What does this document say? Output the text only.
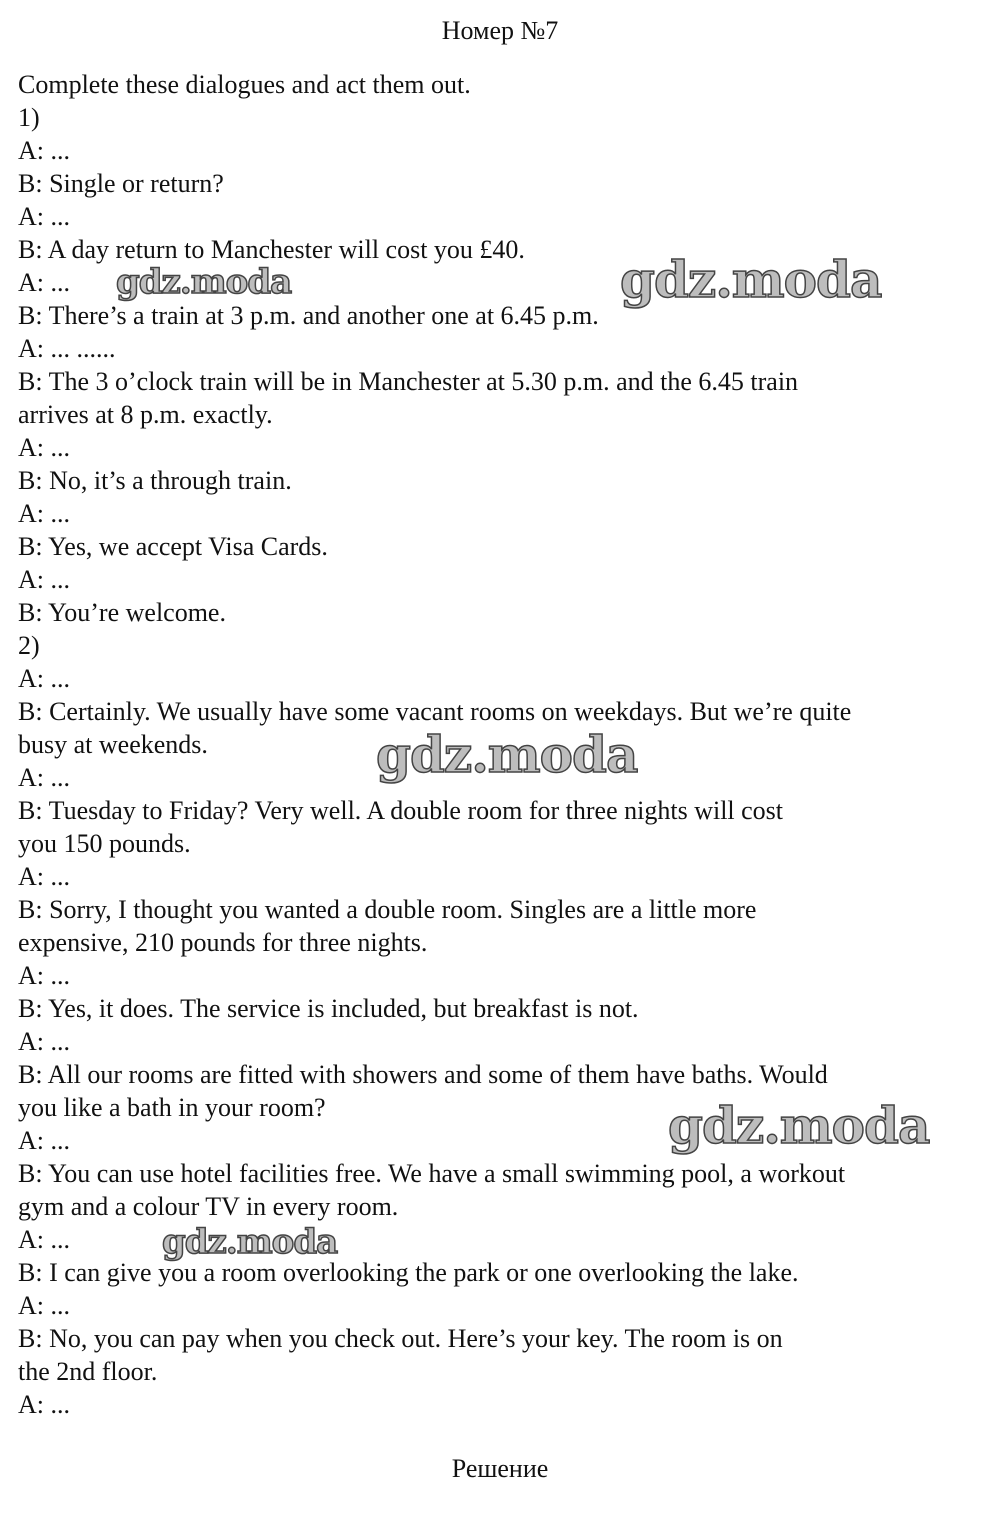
Номер №7

Complete these dialogues and act them out.

1)

A: ...

B: Single or return?

A: ...

B: A day return to Manchester will cost you £40.

A: ...

B: There’s a train at 3 p.m. and another one at 6.45 p.m.

A: ... ......

B: The 3 o’clock train will be in Manchester at 5.30 p.m. and the 6.45 train

arrives at 8 p.m. exactly.

A: ...

B: No, it’s a through train.

A: ...

B: Yes, we accept Visa Cards.

A: ...

B: You’re welcome.

2)

A: ...

B: Certainly. We usually have some vacant rooms on weekdays. But we’re quite

busy at weekends.

A: ...

B: Tuesday to Friday? Very well. A double room for three nights will cost

you 150 pounds.

A: ...

B: Sorry, I thought you wanted a double room. Singles are a little more

expensive, 210 pounds for three nights.

A: ...

B: Yes, it does. The service is included, but breakfast is not.

A: ...

B: All our rooms are fitted with showers and some of them have baths. Would

you like a bath in your room?

A: ...

B: You can use hotel facilities free. We have a small swimming pool, a workout

gym and a colour TV in every room.

A: ...

B: I can give you a room overlooking the park or one overlooking the lake.

A: ...

B: No, you can pay when you check out. Here’s your key. The room is on

the 2nd floor.

A: ...

Решение
gdz.moda	gdz.moda
gdz.moda
gdz.moda
gdz.moda
